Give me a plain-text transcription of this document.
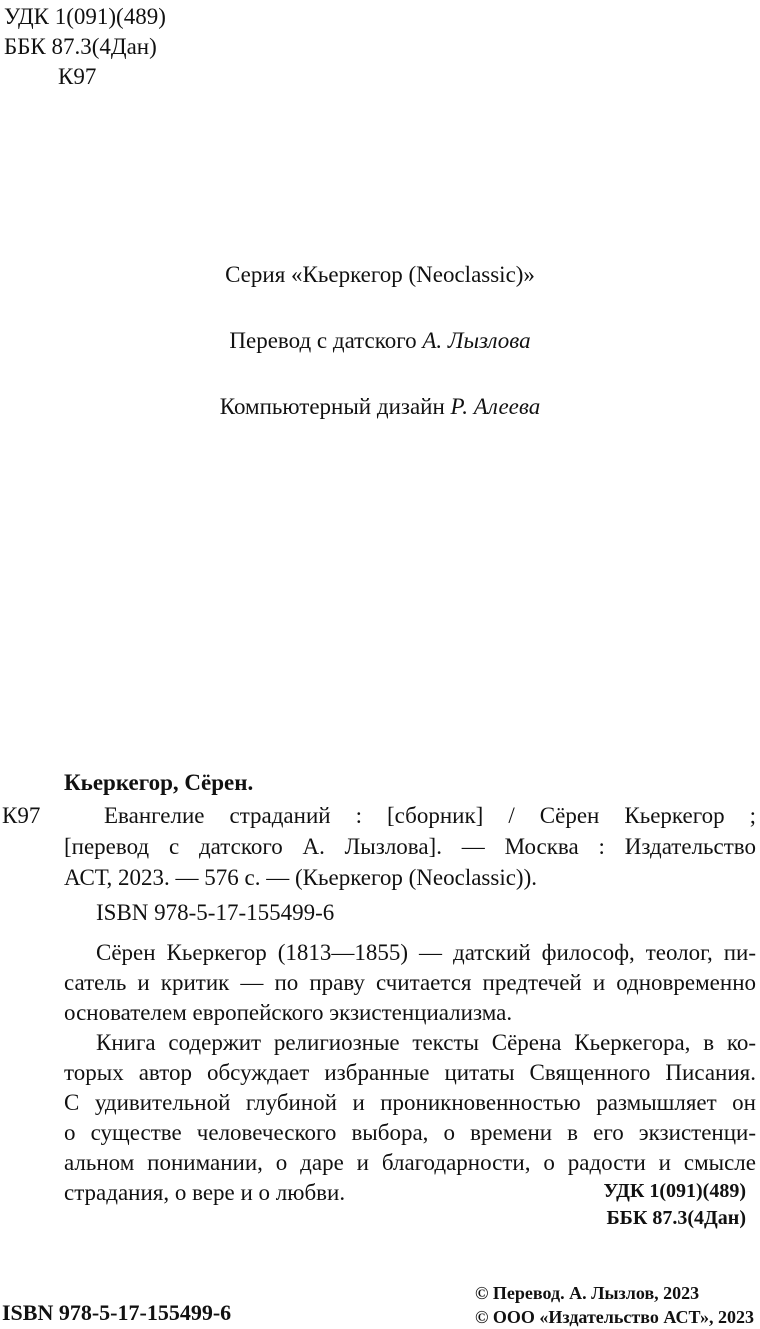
УДК 1(091)(489)
ББК 87.3(4Дан)
К97
Серия «Кьеркегор (Neoclassic)»
Перевод с датского А. Лызлова
Компьютерный дизайн Р. Алеева
Кьеркегор, Сёрен.
К97	Евангелие страданий : [сборник] / Сёрен Кьеркегор ;
[перевод с датского А. Лызлова]. — Москва : Издательство
АСТ, 2023. — 576 с. — (Кьеркегор (Neoclassic)).
ISBN 978-5-17-155499-6
Сёрен Кьеркегор (1813—1855) — датский философ, теолог, пи-
сатель и критик — по праву считается предтечей и одновременно
основателем европейского экзистенциализма.
Книга содержит религиозные тексты Сёрена Кьеркегора, в ко-
торых автор обсуждает избранные цитаты Священного Писания.
С удивительной глубиной и проникновенностью размышляет он
о существе человеческого выбора, о времени в его экзистенци-
альном понимании, о даре и благодарности, о радости и смысле
страдания, о вере и о любви.	УДК 1(091)(489)
ББК 87.3(4Дан)
ISBN 978-5-17-155499-6
© Перевод. А. Лызлов, 2023
© ООО «Издательство АСТ», 2023
